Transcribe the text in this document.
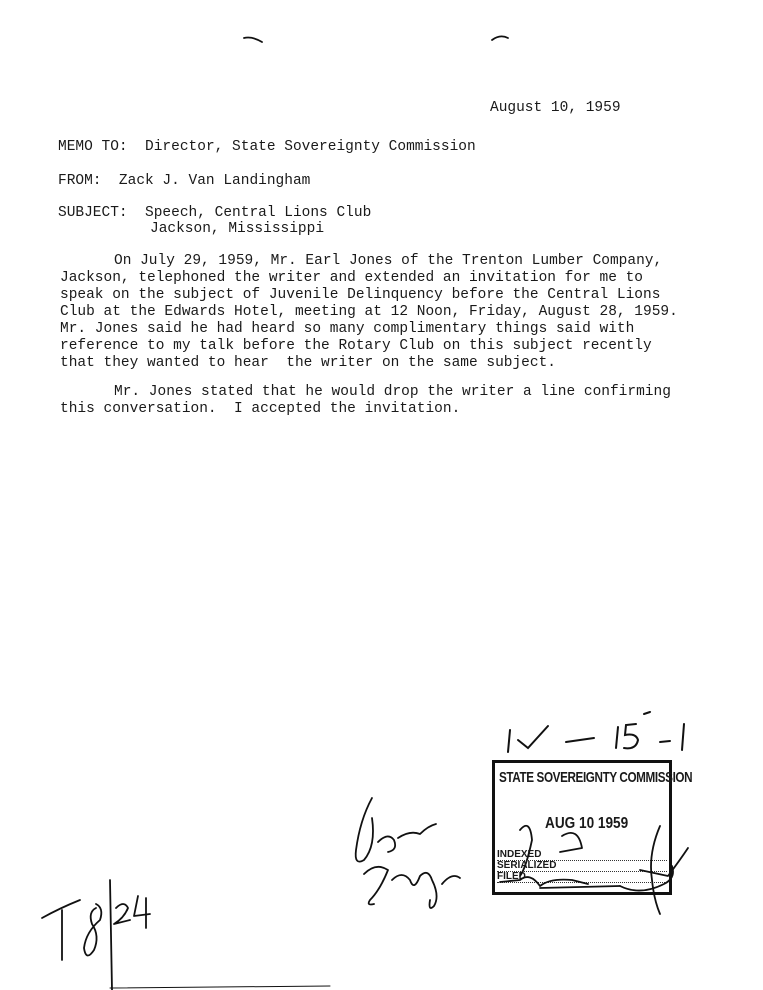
August 10, 1959
MEMO TO: Director, State Sovereignty Commission
FROM: Zack J. Van Landingham
SUBJECT: Speech, Central Lions Club
Jackson, Mississippi
On July 29, 1959, Mr. Earl Jones of the Trenton Lumber Company,
Jackson, telephoned the writer and extended an invitation for me to
speak on the subject of Juvenile Delinquency before the Central Lions
Club at the Edwards Hotel, meeting at 12 Noon, Friday, August 28, 1959.
Mr. Jones said he had heard so many complimentary things said with
reference to my talk before the Rotary Club on this subject recently
that they wanted to hear  the writer on the same subject.
Mr. Jones stated that he would drop the writer a line confirming
this conversation.  I accepted the invitation.
STATE SOVEREIGNTY COMMISSION
AUG 10 1959
INDEXED
SERIALIZED
FILED
